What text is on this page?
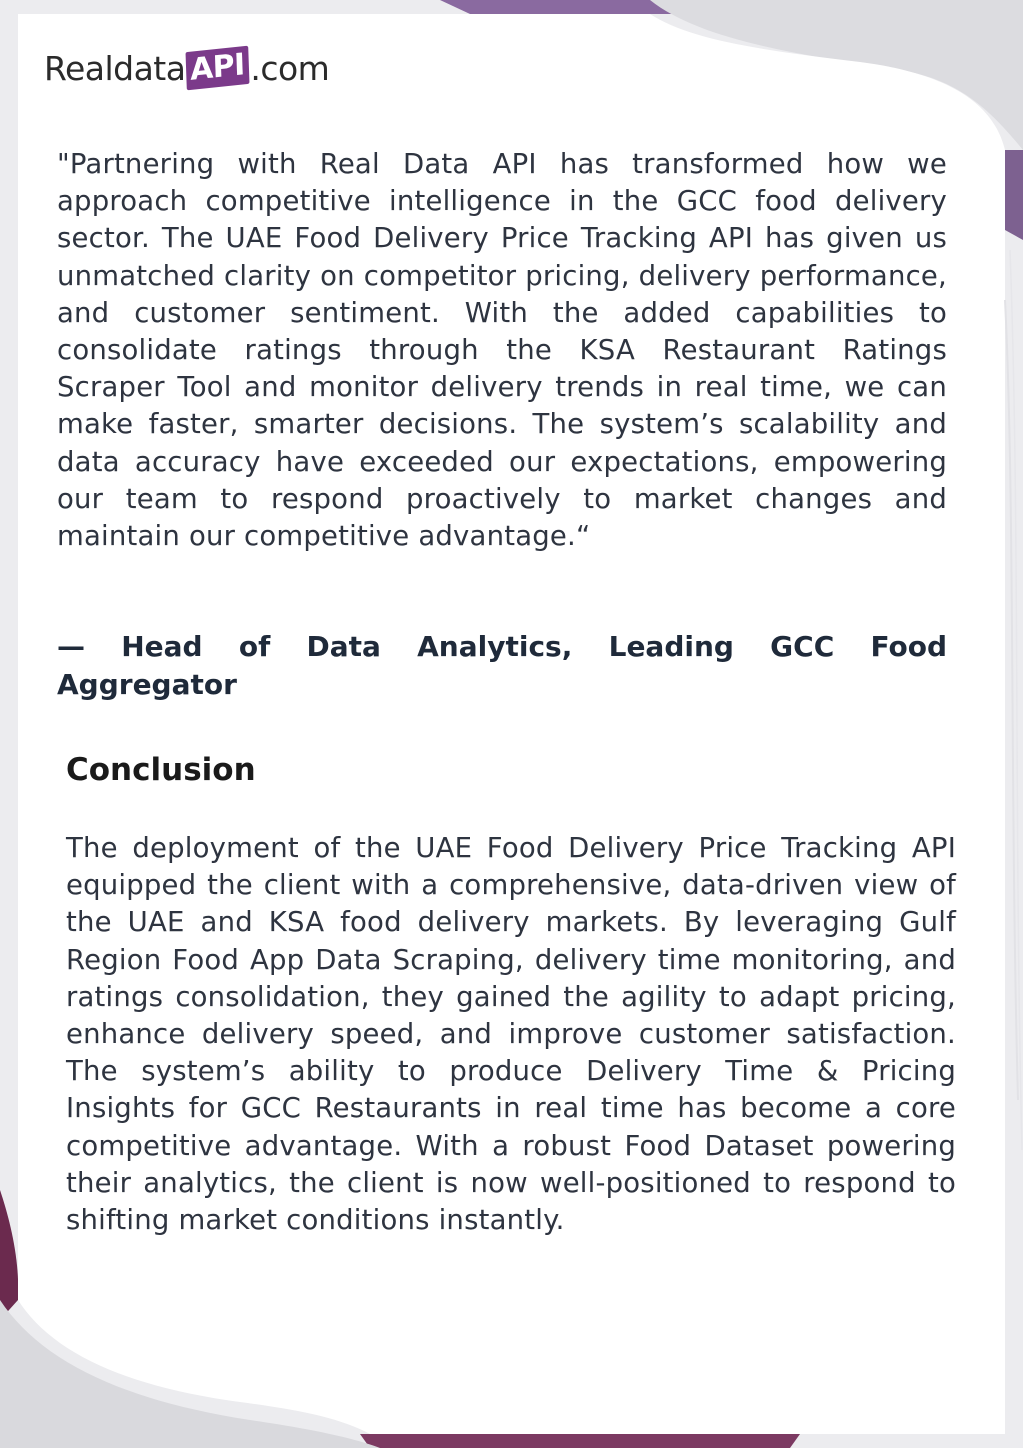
Realdata API .com

"Partnering with Real Data API has transformed how we approach competitive intelligence in the GCC food delivery sector. The UAE Food Delivery Price Tracking API has given us unmatched clarity on competitor pricing, delivery performance, and customer sentiment. With the added capabilities to consolidate ratings through the KSA Restaurant Ratings Scraper Tool and monitor delivery trends in real time, we can make faster, smarter decisions. The system’s scalability and data accuracy have exceeded our expectations, empowering our team to respond proactively to market changes and maintain our competitive advantage.“

— Head of Data Analytics, Leading GCC Food Aggregator

Conclusion

The deployment of the UAE Food Delivery Price Tracking API equipped the client with a comprehensive, data-driven view of the UAE and KSA food delivery markets. By leveraging Gulf Region Food App Data Scraping, delivery time monitoring, and ratings consolidation, they gained the agility to adapt pricing, enhance delivery speed, and improve customer satisfaction. The system’s ability to produce Delivery Time & Pricing Insights for GCC Restaurants in real time has become a core competitive advantage. With a robust Food Dataset powering their analytics, the client is now well-positioned to respond to shifting market conditions instantly.
